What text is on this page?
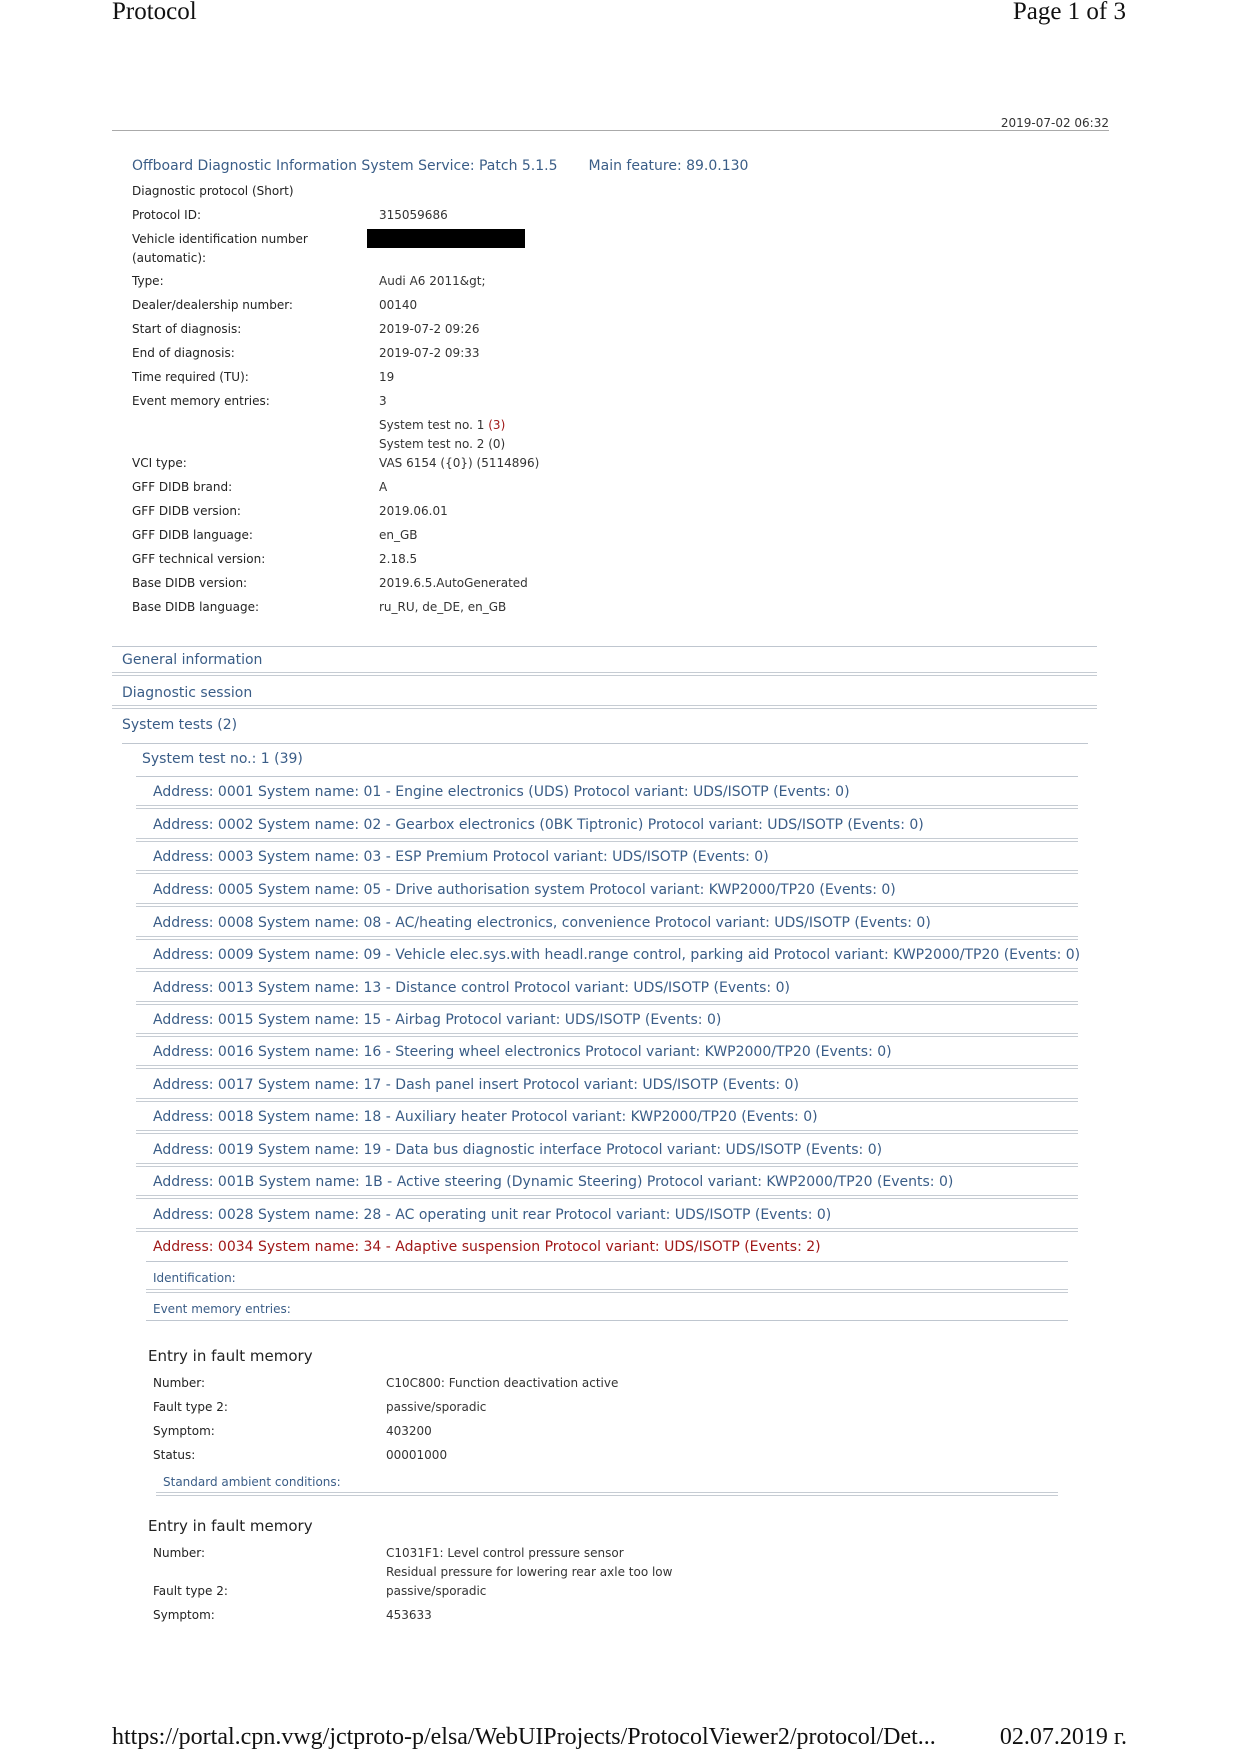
Protocol	Page 1 of 3
2019-07-02 06:32
Offboard Diagnostic Information System Service: Patch 5.1.5 Main feature: 89.0.130
Diagnostic protocol (Short)
Protocol ID:	315059686
Vehicle identification number
(automatic):
Type:	Audi A6 2011&gt;
Dealer/dealership number:	00140
Start of diagnosis:	2019-07-2 09:26
End of diagnosis:	2019-07-2 09:33
Time required (TU):	19
Event memory entries:	3
System test no. 1 (3)
System test no. 2 (0)
VCI type:	VAS 6154 ({0}) (5114896)
GFF DIDB brand:	A
GFF DIDB version:	2019.06.01
GFF DIDB language:	en_GB
GFF technical version:	2.18.5
Base DIDB version:	2019.6.5.AutoGenerated
Base DIDB language:	ru_RU, de_DE, en_GB
General information
Diagnostic session
System tests (2)
System test no.: 1 (39)
Address: 0001 System name: 01 - Engine electronics (UDS) Protocol variant: UDS/ISOTP (Events: 0)
Address: 0002 System name: 02 - Gearbox electronics (0BK Tiptronic) Protocol variant: UDS/ISOTP (Events: 0)
Address: 0003 System name: 03 - ESP Premium Protocol variant: UDS/ISOTP (Events: 0)
Address: 0005 System name: 05 - Drive authorisation system Protocol variant: KWP2000/TP20 (Events: 0)
Address: 0008 System name: 08 - AC/heating electronics, convenience Protocol variant: UDS/ISOTP (Events: 0)
Address: 0009 System name: 09 - Vehicle elec.sys.with headl.range control, parking aid Protocol variant: KWP2000/TP20 (Events: 0)
Address: 0013 System name: 13 - Distance control Protocol variant: UDS/ISOTP (Events: 0)
Address: 0015 System name: 15 - Airbag Protocol variant: UDS/ISOTP (Events: 0)
Address: 0016 System name: 16 - Steering wheel electronics Protocol variant: KWP2000/TP20 (Events: 0)
Address: 0017 System name: 17 - Dash panel insert Protocol variant: UDS/ISOTP (Events: 0)
Address: 0018 System name: 18 - Auxiliary heater Protocol variant: KWP2000/TP20 (Events: 0)
Address: 0019 System name: 19 - Data bus diagnostic interface Protocol variant: UDS/ISOTP (Events: 0)
Address: 001B System name: 1B - Active steering (Dynamic Steering) Protocol variant: KWP2000/TP20 (Events: 0)
Address: 0028 System name: 28 - AC operating unit rear Protocol variant: UDS/ISOTP (Events: 0)
Address: 0034 System name: 34 - Adaptive suspension Protocol variant: UDS/ISOTP (Events: 2)
Identification:
Event memory entries:
Entry in fault memory
Number:	C10C800: Function deactivation active
Fault type 2:	passive/sporadic
Symptom:	403200
Status:	00001000
Standard ambient conditions:
Entry in fault memory
Number:	C1031F1: Level control pressure sensor
Residual pressure for lowering rear axle too low
Fault type 2:	passive/sporadic
Symptom:	453633
https://portal.cpn.vwg/jctproto-p/elsa/WebUIProjects/ProtocolViewer2/protocol/Det...	02.07.2019 г.
